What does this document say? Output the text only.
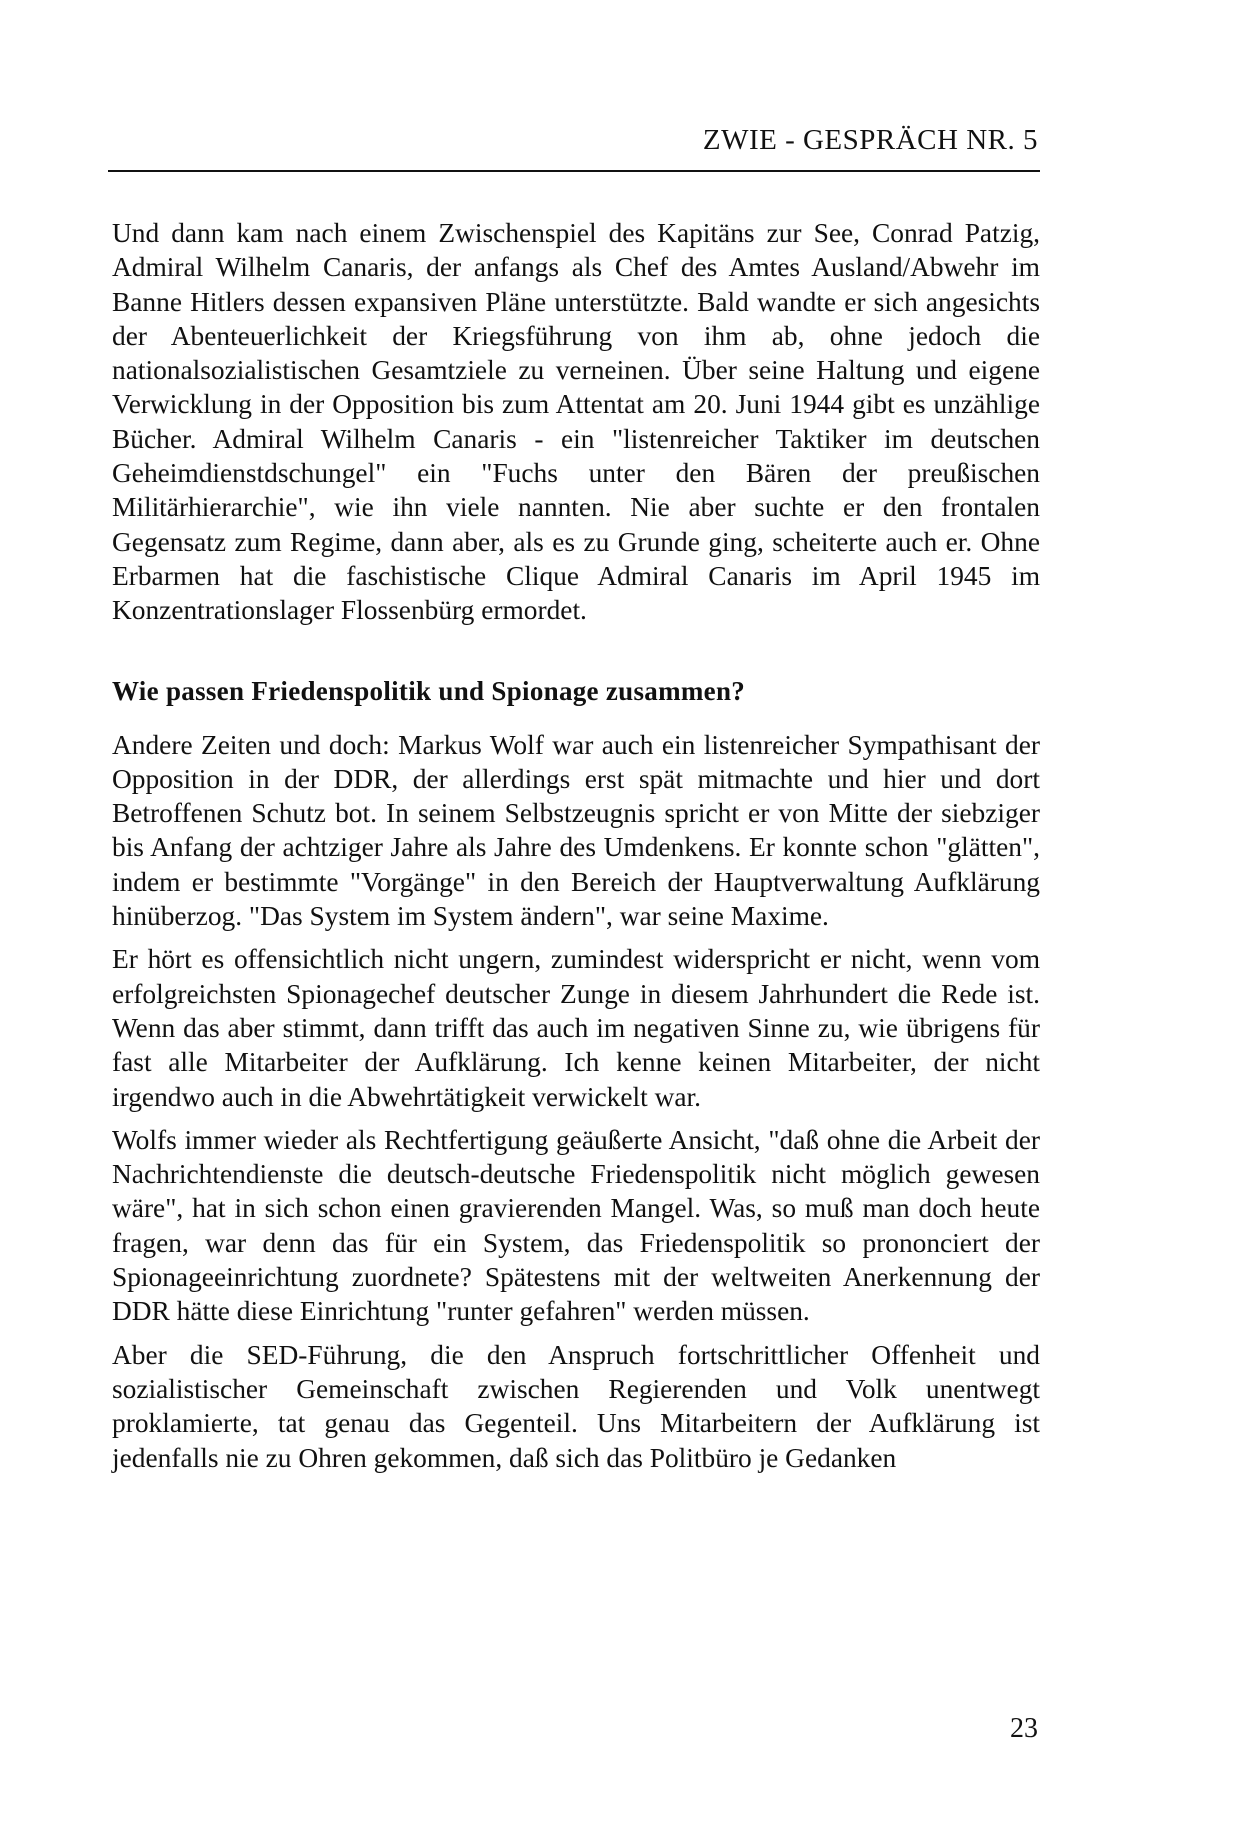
ZWIE - GESPRÄCH NR. 5

Und dann kam nach einem Zwischenspiel des Kapitäns zur See, Conrad Patzig, Admiral Wilhelm Canaris, der anfangs als Chef des Amtes Ausland/Abwehr im Banne Hitlers dessen expansiven Pläne unterstützte. Bald wandte er sich angesichts der Abenteuerlichkeit der Kriegsführung von ihm ab, ohne jedoch die nationalsozialistischen Gesamtziele zu verneinen. Über seine Haltung und eigene Verwicklung in der Opposition bis zum Attentat am 20. Juni 1944 gibt es unzählige Bücher. Admiral Wilhelm Canaris - ein "listenreicher Taktiker im deutschen Geheimdienstdschungel" ein "Fuchs unter den Bären der preußischen Militärhierarchie", wie ihn viele nannten. Nie aber suchte er den frontalen Gegensatz zum Regime, dann aber, als es zu Grunde ging, scheiterte auch er. Ohne Erbarmen hat die faschistische Clique Admiral Canaris im April 1945 im Konzentrationslager Flossenbürg ermordet.

Wie passen Friedenspolitik und Spionage zusammen?

Andere Zeiten und doch: Markus Wolf war auch ein listenreicher Sympathisant der Opposition in der DDR, der allerdings erst spät mitmachte und hier und dort Betroffenen Schutz bot. In seinem Selbstzeugnis spricht er von Mitte der siebziger bis Anfang der achtziger Jahre als Jahre des Umdenkens. Er konnte schon "glätten", indem er bestimmte "Vorgänge" in den Bereich der Hauptverwaltung Aufklärung hinüberzog. "Das System im System ändern", war seine Maxime.

Er hört es offensichtlich nicht ungern, zumindest widerspricht er nicht, wenn vom erfolgreichsten Spionagechef deutscher Zunge in diesem Jahrhundert die Rede ist. Wenn das aber stimmt, dann trifft das auch im negativen Sinne zu, wie übrigens für fast alle Mitarbeiter der Aufklärung. Ich kenne keinen Mitarbeiter, der nicht irgendwo auch in die Abwehrtätigkeit verwickelt war.

Wolfs immer wieder als Rechtfertigung geäußerte Ansicht, "daß ohne die Arbeit der Nachrichtendienste die deutsch-deutsche Friedenspolitik nicht möglich gewesen wäre", hat in sich schon einen gravierenden Mangel. Was, so muß man doch heute fragen, war denn das für ein System, das Friedenspolitik so prononciert der Spionageeinrichtung zuordnete? Spätestens mit der weltweiten Anerkennung der DDR hätte diese Einrichtung "runter gefahren" werden müssen.

Aber die SED-Führung, die den Anspruch fortschrittlicher Offenheit und sozialistischer Gemeinschaft zwischen Regierenden und Volk unentwegt proklamierte, tat genau das Gegenteil. Uns Mitarbeitern der Aufklärung ist jedenfalls nie zu Ohren gekommen, daß sich das Politbüro je Gedanken

23
